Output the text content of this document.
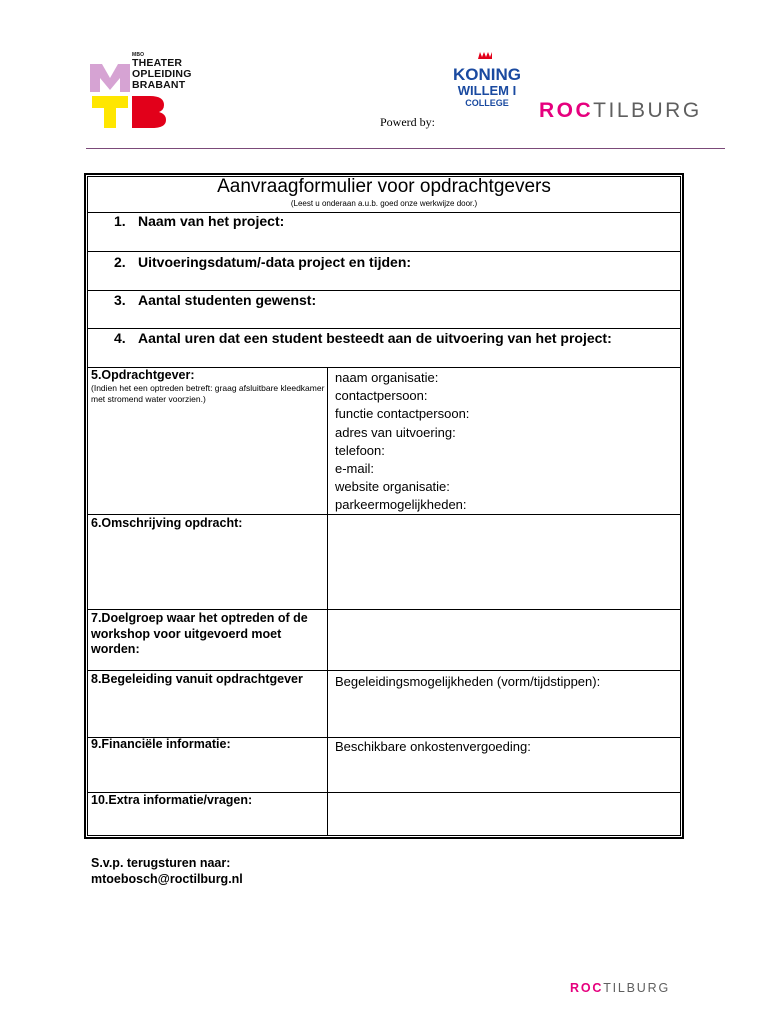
MBO
THEATER
OPLEIDING
BRABANT
Powerd by:
KONING
WILLEM I
COLLEGE ROCTILBURG
Aanvraagformulier voor opdrachtgevers
(Leest u onderaan a.u.b. goed onze werkwijze door.)
1. Naam van het project:
2. Uitvoeringsdatum/-data project en tijden:
3. Aantal studenten gewenst:
4. Aantal uren dat een student besteedt aan de uitvoering van het project:
5.Opdrachtgever:
(Indien het een optreden betreft: graag afsluitbare kleedkamer met stromend water voorzien.)
naam organisatie:
contactpersoon:
functie contactpersoon:
adres van uitvoering:
telefoon:
e-mail:
website organisatie:
parkeermogelijkheden:
6.Omschrijving opdracht:
7.Doelgroep waar het optreden of de workshop voor uitgevoerd moet worden:
8.Begeleiding vanuit opdrachtgever	Begeleidingsmogelijkheden (vorm/tijdstippen):
9.Financiële informatie:	Beschikbare onkostenvergoeding:
10.Extra informatie/vragen:
S.v.p. terugsturen naar:
mtoebosch@roctilburg.nl
ROCTILBURG
